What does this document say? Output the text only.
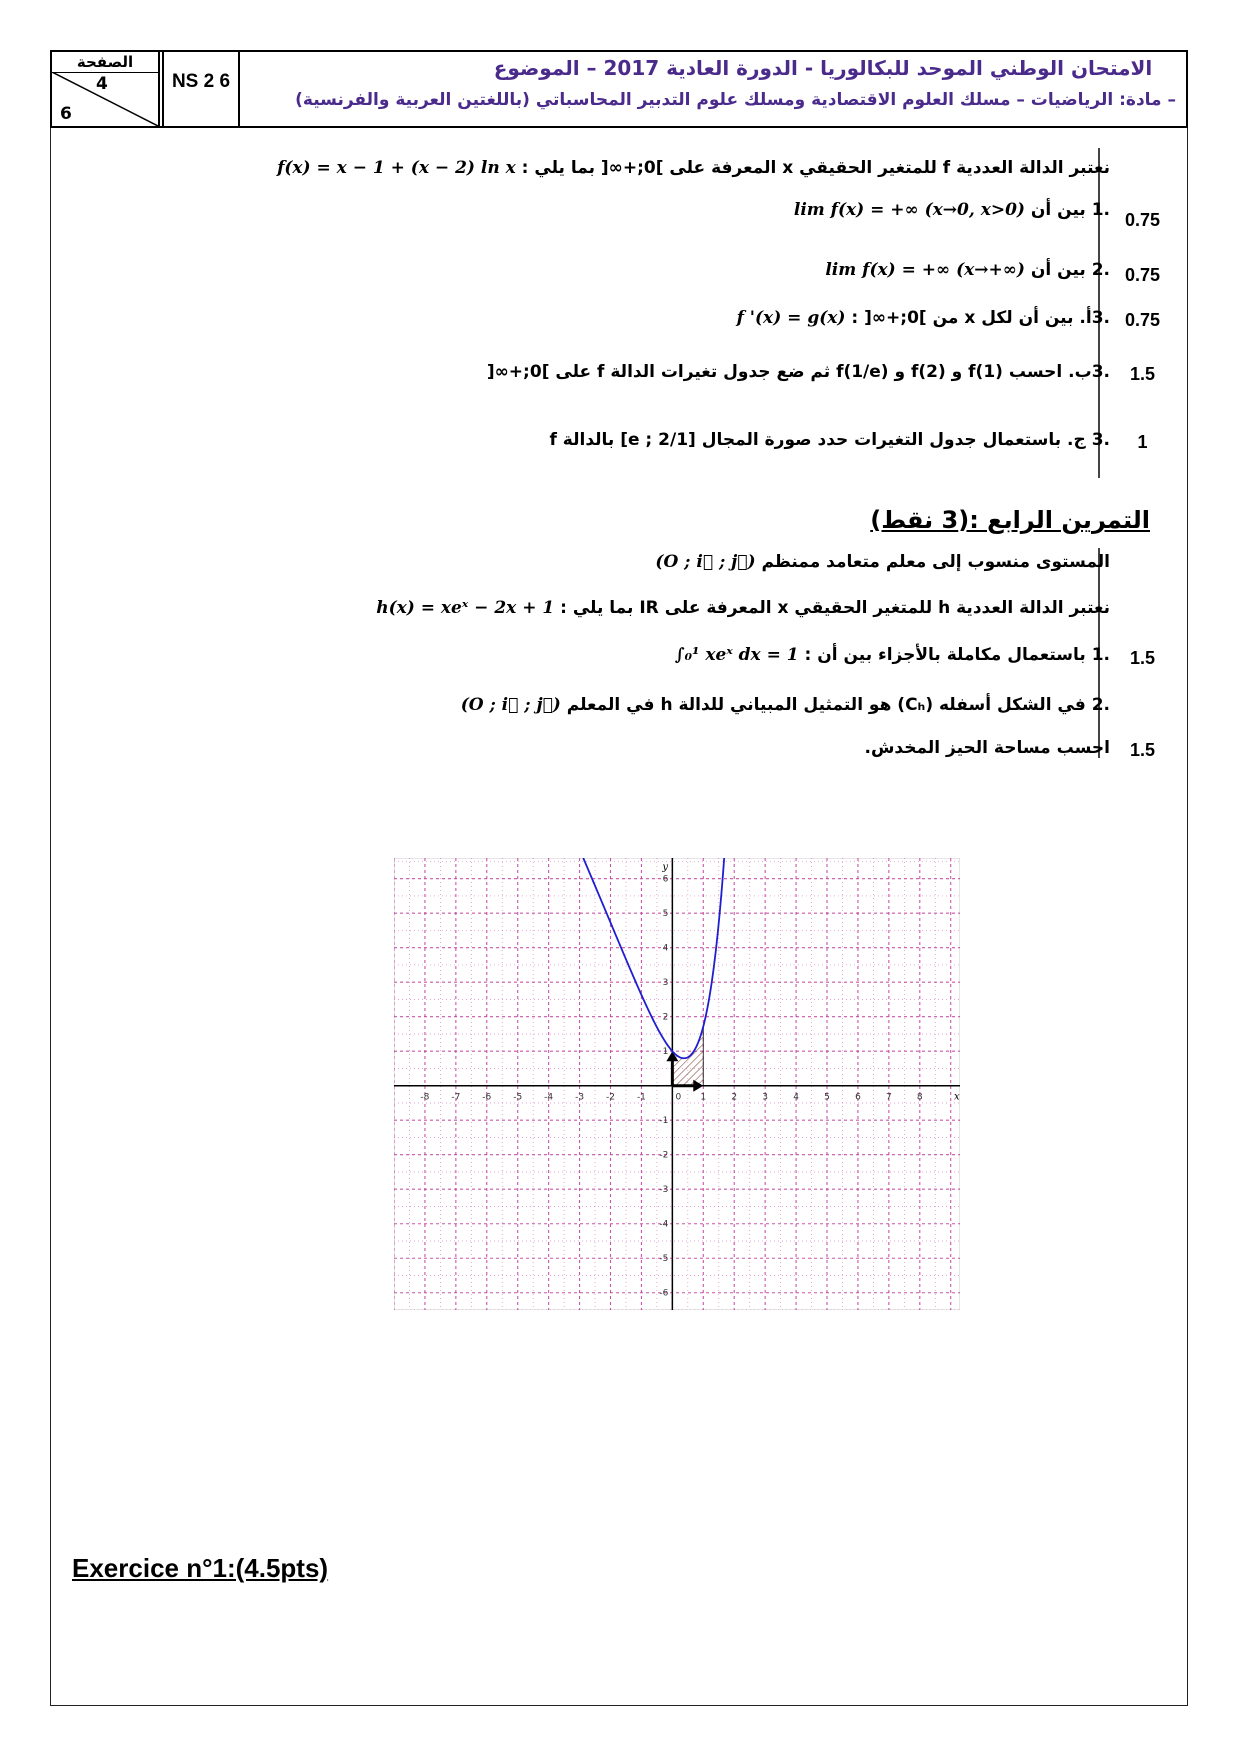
الصفحة
4
6
NS 2 6
الامتحان الوطني الموحد للبكالوريا - الدورة العادية 2017 – الموضوع
– مادة: الرياضيات – مسلك العلوم الاقتصادية ومسلك علوم التدبير المحاسباتي (باللغتين العربية والفرنسية)
نعتبر الدالة العددية f للمتغير الحقيقي x المعرفة على ]0;+∞[ بما يلي : f(x) = x − 1 + (x − 2) ln x
.1 بين أن lim f(x) = +∞ (x→0, x>0)	0.75
.2 بين أن lim f(x) = +∞ (x→+∞)	0.75
.3أ. بين أن لكل x من ]0;+∞[ : f '(x) = g(x)	0.75
.3ب. احسب f(1) و f(2) و f(1/e) ثم ضع جدول تغيرات الدالة f على ]0;+∞[	1.5
.3 ج. باستعمال جدول التغيرات حدد صورة المجال [1/e ; 2] بالدالة f	1
التمرين الرابع :(3 نقط)
المستوى منسوب إلى معلم متعامد ممنظم (O ; i⃗ ; j⃗)
نعتبر الدالة العددية h للمتغير الحقيقي x المعرفة على IR بما يلي : h(x) = xeˣ − 2x + 1
.1 باستعمال مكاملة بالأجزاء بين أن : ∫₀¹ xeˣ dx = 1	1.5
.2 في الشكل أسفله (Cₕ) هو التمثيل المبياني للدالة h في المعلم (O ; i⃗ ; j⃗)
احسب مساحة الحيز المخدش.	1.5
-8 -7 -6 -5 -4 -3 -2 -1	0 1	2	3	4	5	6	7	8
-6
-5
-4
-3
-2
-1
1
2
3
4
5
6
x
y
Exercice n°1:(4.5pts)
